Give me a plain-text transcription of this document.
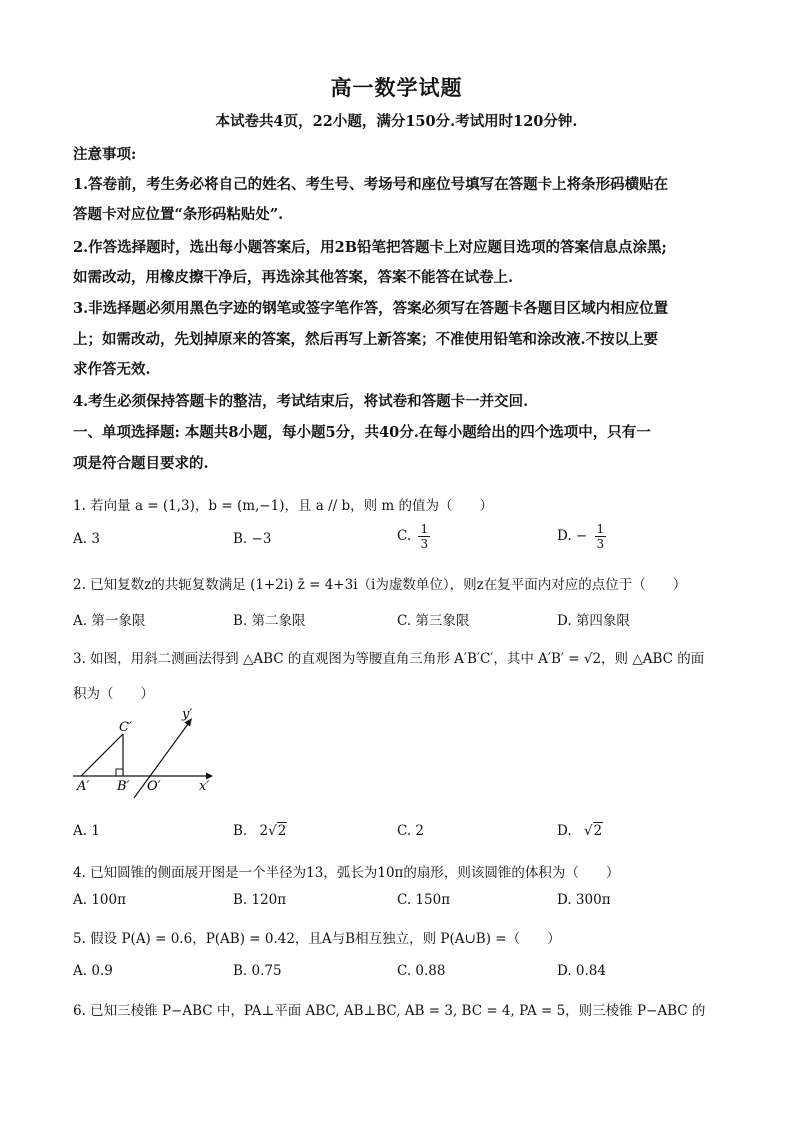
高一数学试题
本试卷共4页，22小题，满分150分.考试用时120分钟.
注意事项:
1.答卷前，考生务必将自己的姓名、考生号、考场号和座位号填写在答题卡上将条形码横贴在
答题卡对应位置“条形码粘贴处”.
2.作答选择题时，选出每小题答案后，用2B铅笔把答题卡上对应题目选项的答案信息点涂黑;
如需改动，用橡皮擦干净后，再选涂其他答案，答案不能答在试卷上.
3.非选择题必须用黑色字迹的钢笔或签字笔作答，答案必须写在答题卡各题目区域内相应位置
上；如需改动，先划掉原来的答案，然后再写上新答案；不准使用铅笔和涂改液.不按以上要
求作答无效.
4.考生必须保持答题卡的整洁，考试结束后，将试卷和答题卡一并交回.
一、单项选择题: 本题共8小题，每小题5分，共40分.在每小题给出的四个选项中，只有一
项是符合题目要求的.
1. 若向量 a = (1,3)，b = (m,−1)，且 a // b，则 m 的值为（　　）
A. 3	B. −3	C. $\frac{1}{3}$	D. − $\frac{1}{3}$
2. 已知复数z的共轭复数满足 (1+2i) z̄ = 4+3i（i为虚数单位），则z在复平面内对应的点位于（　　）
A. 第一象限	B. 第二象限	C. 第三象限	D. 第四象限
3. 如图，用斜二测画法得到 △ABC 的直观图为等腰直角三角形 A′B′C′，其中 A′B′ = √2，则 △ABC 的面
积为（　　）
C′
A′ B′ O′	x′
y′
A. 1	B. 2√2	C. 2	D. √2
4. 已知圆锥的侧面展开图是一个半径为13，弧长为10π的扇形，则该圆锥的体积为（　　）
A. 100π	B. 120π	C. 150π	D. 300π
5. 假设 P(A) = 0.6，P(AB) = 0.42，且A与B相互独立，则 P(A∪B) =（　　）
A. 0.9	B. 0.75	C. 0.88	D. 0.84
6. 已知三棱锥 P−ABC 中，PA⊥平面 ABC, AB⊥BC, AB = 3, BC = 4, PA = 5，则三棱锥 P−ABC 的
